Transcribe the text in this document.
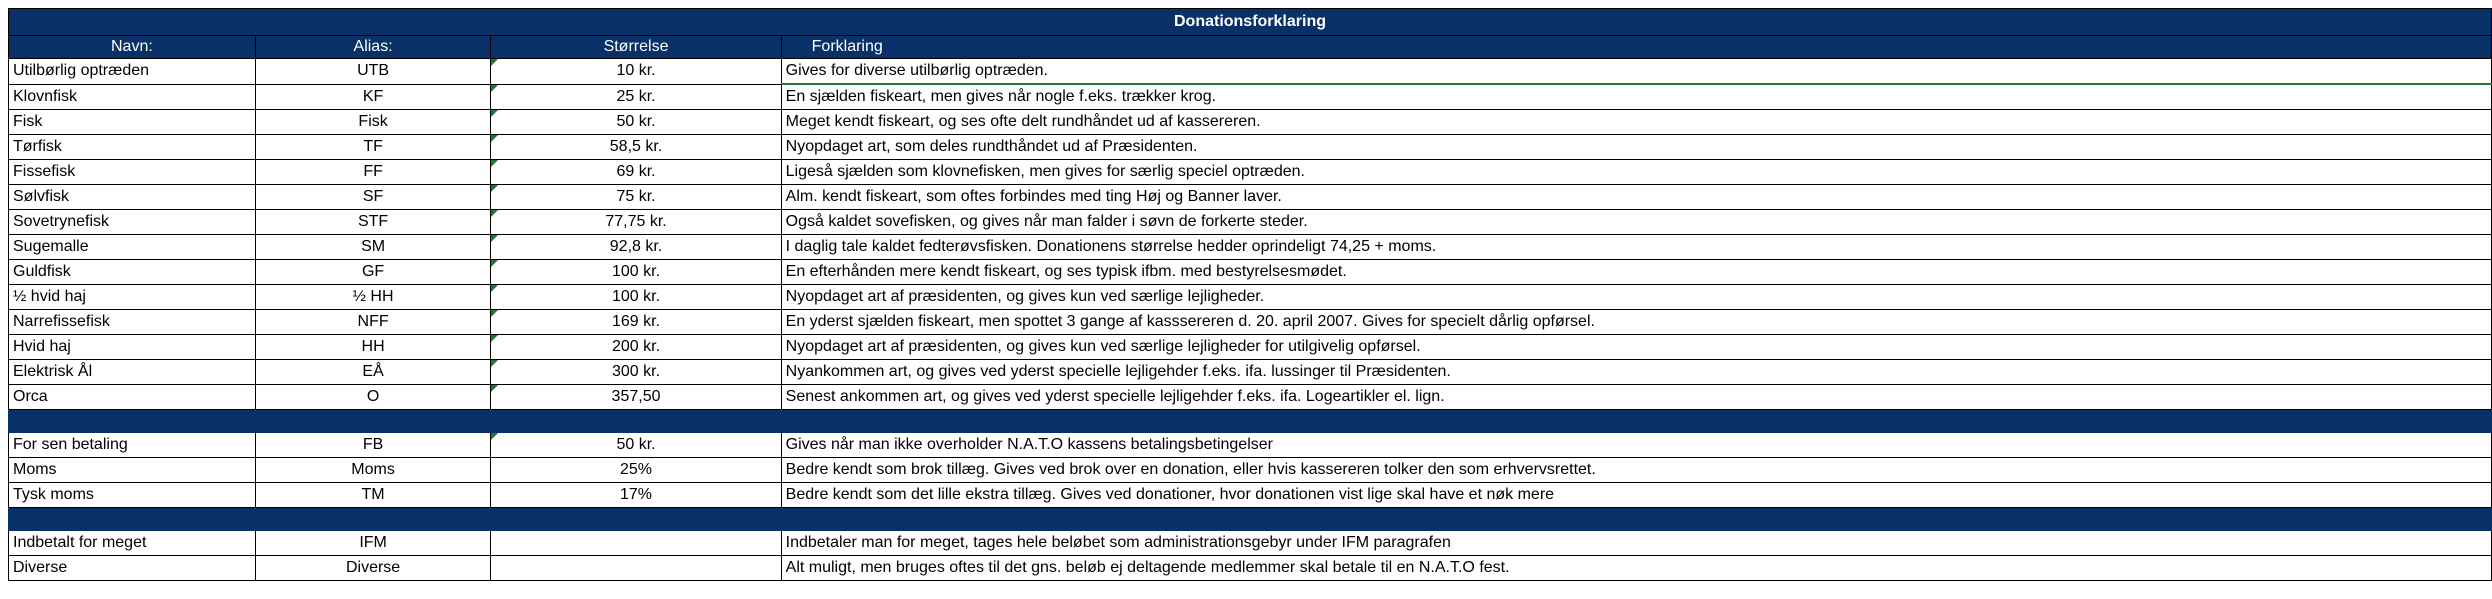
Donationsforklaring			
Navn:	Alias:	Størrelse	Forklaring
Utilbørlig optræden	UTB	10 kr.	Gives for diverse utilbørlig optræden.
Klovnfisk	KF	25 kr.	En sjælden fiskeart, men gives når nogle f.eks. trækker krog.
Fisk	Fisk	50 kr.	Meget kendt fiskeart, og ses ofte delt rundhåndet ud af kassereren.
Tørfisk	TF	58,5 kr.	Nyopdaget art, som deles rundthåndet ud af Præsidenten.
Fissefisk	FF	69 kr.	Ligeså sjælden som klovnefisken, men gives for særlig speciel optræden.
Sølvfisk	SF	75 kr.	Alm. kendt fiskeart, som oftes forbindes med ting Høj og Banner laver.
Sovetrynefisk	STF	77,75 kr.	Også kaldet sovefisken, og gives når man falder i søvn de forkerte steder.
Sugemalle	SM	92,8 kr.	I daglig tale kaldet fedterøvsfisken. Donationens størrelse hedder oprindeligt 74,25 + moms.
Guldfisk	GF	100 kr.	En efterhånden mere kendt fiskeart, og ses typisk ifbm. med bestyrelsesmødet.
½ hvid haj	½ HH	100 kr.	Nyopdaget art af præsidenten, og gives kun ved særlige lejligheder.
Narrefissefisk	NFF	169 kr.	En yderst sjælden fiskeart, men spottet 3 gange af kasssereren d. 20. april 2007. Gives for specielt dårlig opførsel.
Hvid haj	HH	200 kr.	Nyopdaget art af præsidenten, og gives kun ved særlige lejligheder for utilgivelig opførsel.
Elektrisk Ål	EÅ	300 kr.	Nyankommen art, og gives ved yderst specielle lejligehder f.eks. ifa. lussinger til Præsidenten.
Orca	O	357,50	Senest ankommen art, og gives ved yderst specielle lejligehder f.eks. ifa. Logeartikler el. lign.

For sen betaling	FB	50 kr.	Gives når man ikke overholder N.A.T.O kassens betalingsbetingelser
Moms	Moms	25%	Bedre kendt som brok tillæg. Gives ved brok over en donation, eller hvis kassereren tolker den som erhvervsrettet.
Tysk moms	TM	17%	Bedre kendt som det lille ekstra tillæg. Gives ved donationer, hvor donationen vist lige skal have et nøk mere

Indbetalt for meget	IFM		Indbetaler man for meget, tages hele beløbet som administrationsgebyr under IFM paragrafen
Diverse	Diverse		Alt muligt, men bruges oftes til det gns. beløb ej deltagende medlemmer skal betale til en N.A.T.O fest.
